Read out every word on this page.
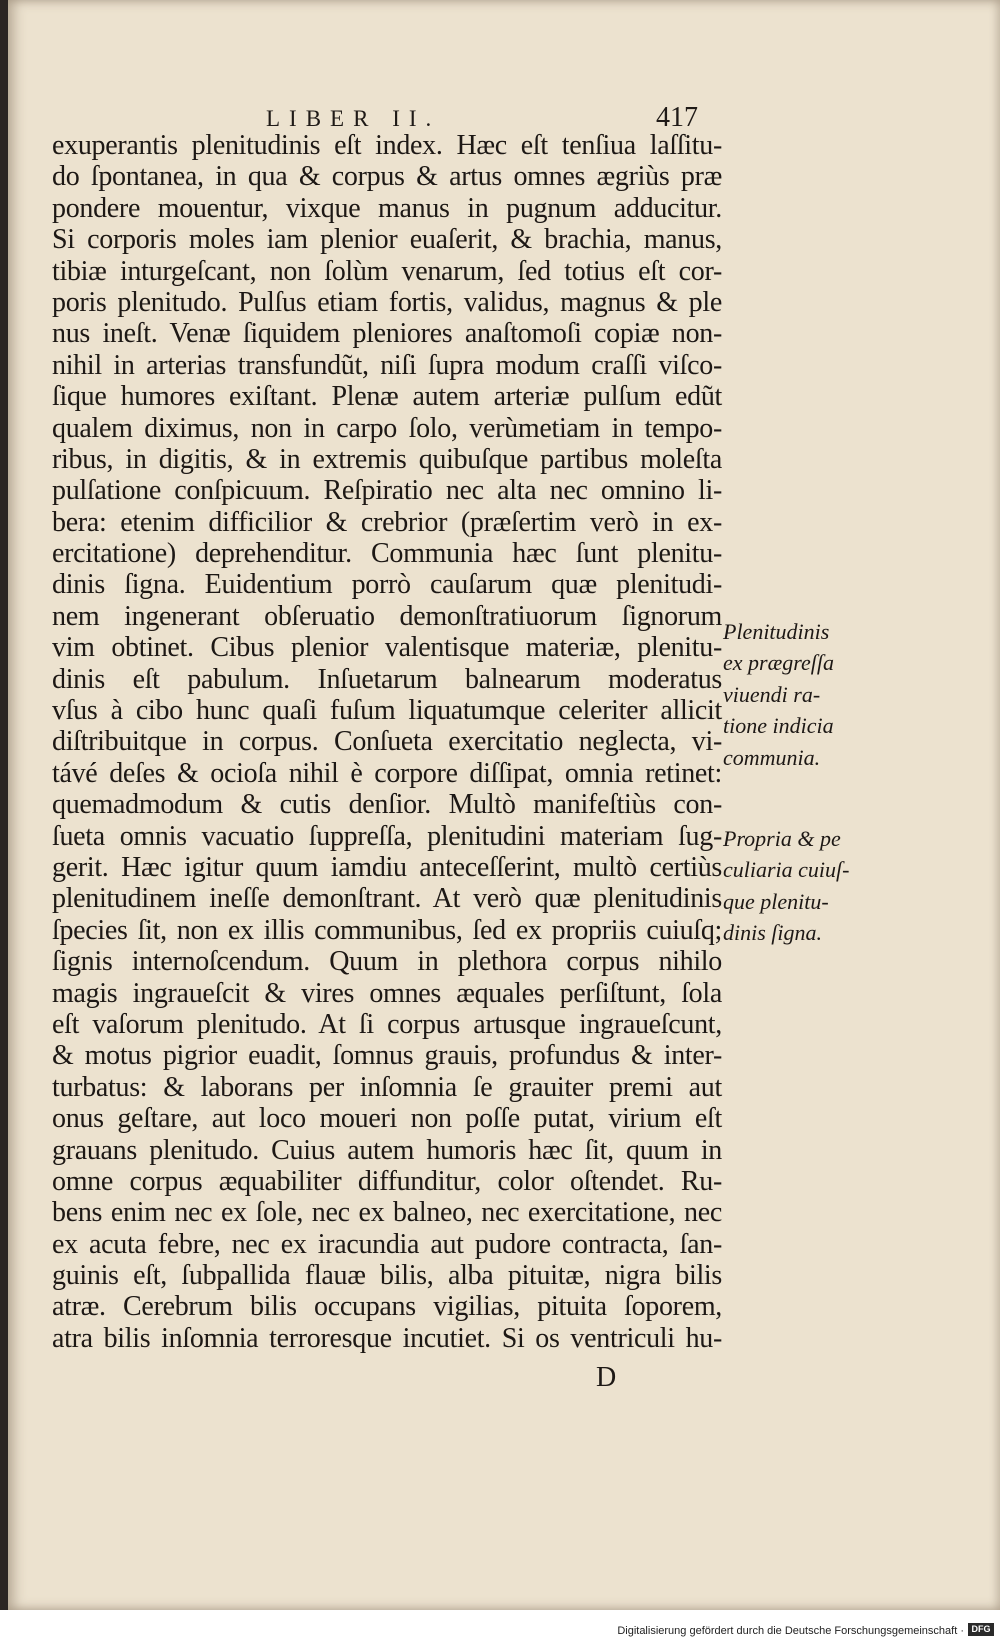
LIBER II.	417
exuperantis plenitudinis eſt index. Hæc eſt tenſiua laſſitu-
do ſpontanea, in qua & corpus & artus omnes ægriùs præ
pondere mouentur, vixque manus in pugnum adducitur.
Si corporis moles iam plenior euaſerit, & brachia, manus,
tibiæ inturgeſcant, non ſolùm venarum, ſed totius eſt cor-
poris plenitudo. Pulſus etiam fortis, validus, magnus & ple
nus ineſt. Venæ ſiquidem pleniores anaſtomoſi copiæ non-
nihil in arterias transfundũt, niſi ſupra modum craſſi viſco-
ſique humores exiſtant. Plenæ autem arteriæ pulſum edũt
qualem diximus, non in carpo ſolo, verùmetiam in tempo-
ribus, in digitis, & in extremis quibuſque partibus moleſta
pulſatione conſpicuum. Reſpiratio nec alta nec omnino li-
bera: etenim difficilior & crebrior (præſertim verò in ex-
ercitatione) deprehenditur. Communia hæc ſunt plenitu-
dinis ſigna. Euidentium porrò cauſarum quæ plenitudi-
nem ingenerant obſeruatio demonſtratiuorum ſignorum
vim obtinet. Cibus plenior valentisque materiæ, plenitu-
dinis eſt pabulum. Inſuetarum balnearum moderatus
vſus à cibo hunc quaſi fuſum liquatumque celeriter allicit
diſtribuitque in corpus. Conſueta exercitatio neglecta, vi-
távé deſes & ocioſa nihil è corpore diſſipat, omnia retinet:
quemadmodum & cutis denſior. Multò manifeſtiùs con-
ſueta omnis vacuatio ſuppreſſa, plenitudini materiam ſug-
gerit. Hæc igitur quum iamdiu anteceſſerint, multò certiùs
plenitudinem ineſſe demonſtrant. At verò quæ plenitudinis
ſpecies ſit, non ex illis communibus, ſed ex propriis cuiuſq;
ſignis internoſcendum. Quum in plethora corpus nihilo
magis ingraueſcit & vires omnes æquales perſiſtunt, ſola
eſt vaſorum plenitudo. At ſi corpus artusque ingraueſcunt,
& motus pigrior euadit, ſomnus grauis, profundus & inter-
turbatus: & laborans per inſomnia ſe grauiter premi aut
onus geſtare, aut loco moueri non poſſe putat, virium eſt
grauans plenitudo. Cuius autem humoris hæc ſit, quum in
omne corpus æquabiliter diffunditur, color oſtendet. Ru-
bens enim nec ex ſole, nec ex balneo, nec exercitatione, nec
ex acuta febre, nec ex iracundia aut pudore contracta, ſan-
guinis eſt, ſubpallida flauæ bilis, alba pituitæ, nigra bilis
atræ. Cerebrum bilis occupans vigilias, pituita ſoporem,
atra bilis inſomnia terroresque incutiet. Si os ventriculi hu-
Plenitudinis
ex prægreſſa
viuendi ra-
tione indicia
communia.
Propria & pe
culiaria cuiuſ-
que plenitu-
dinis ſigna.
D
Digitalisierung gefördert durch die Deutsche Forschungsgemeinschaft · DFG
